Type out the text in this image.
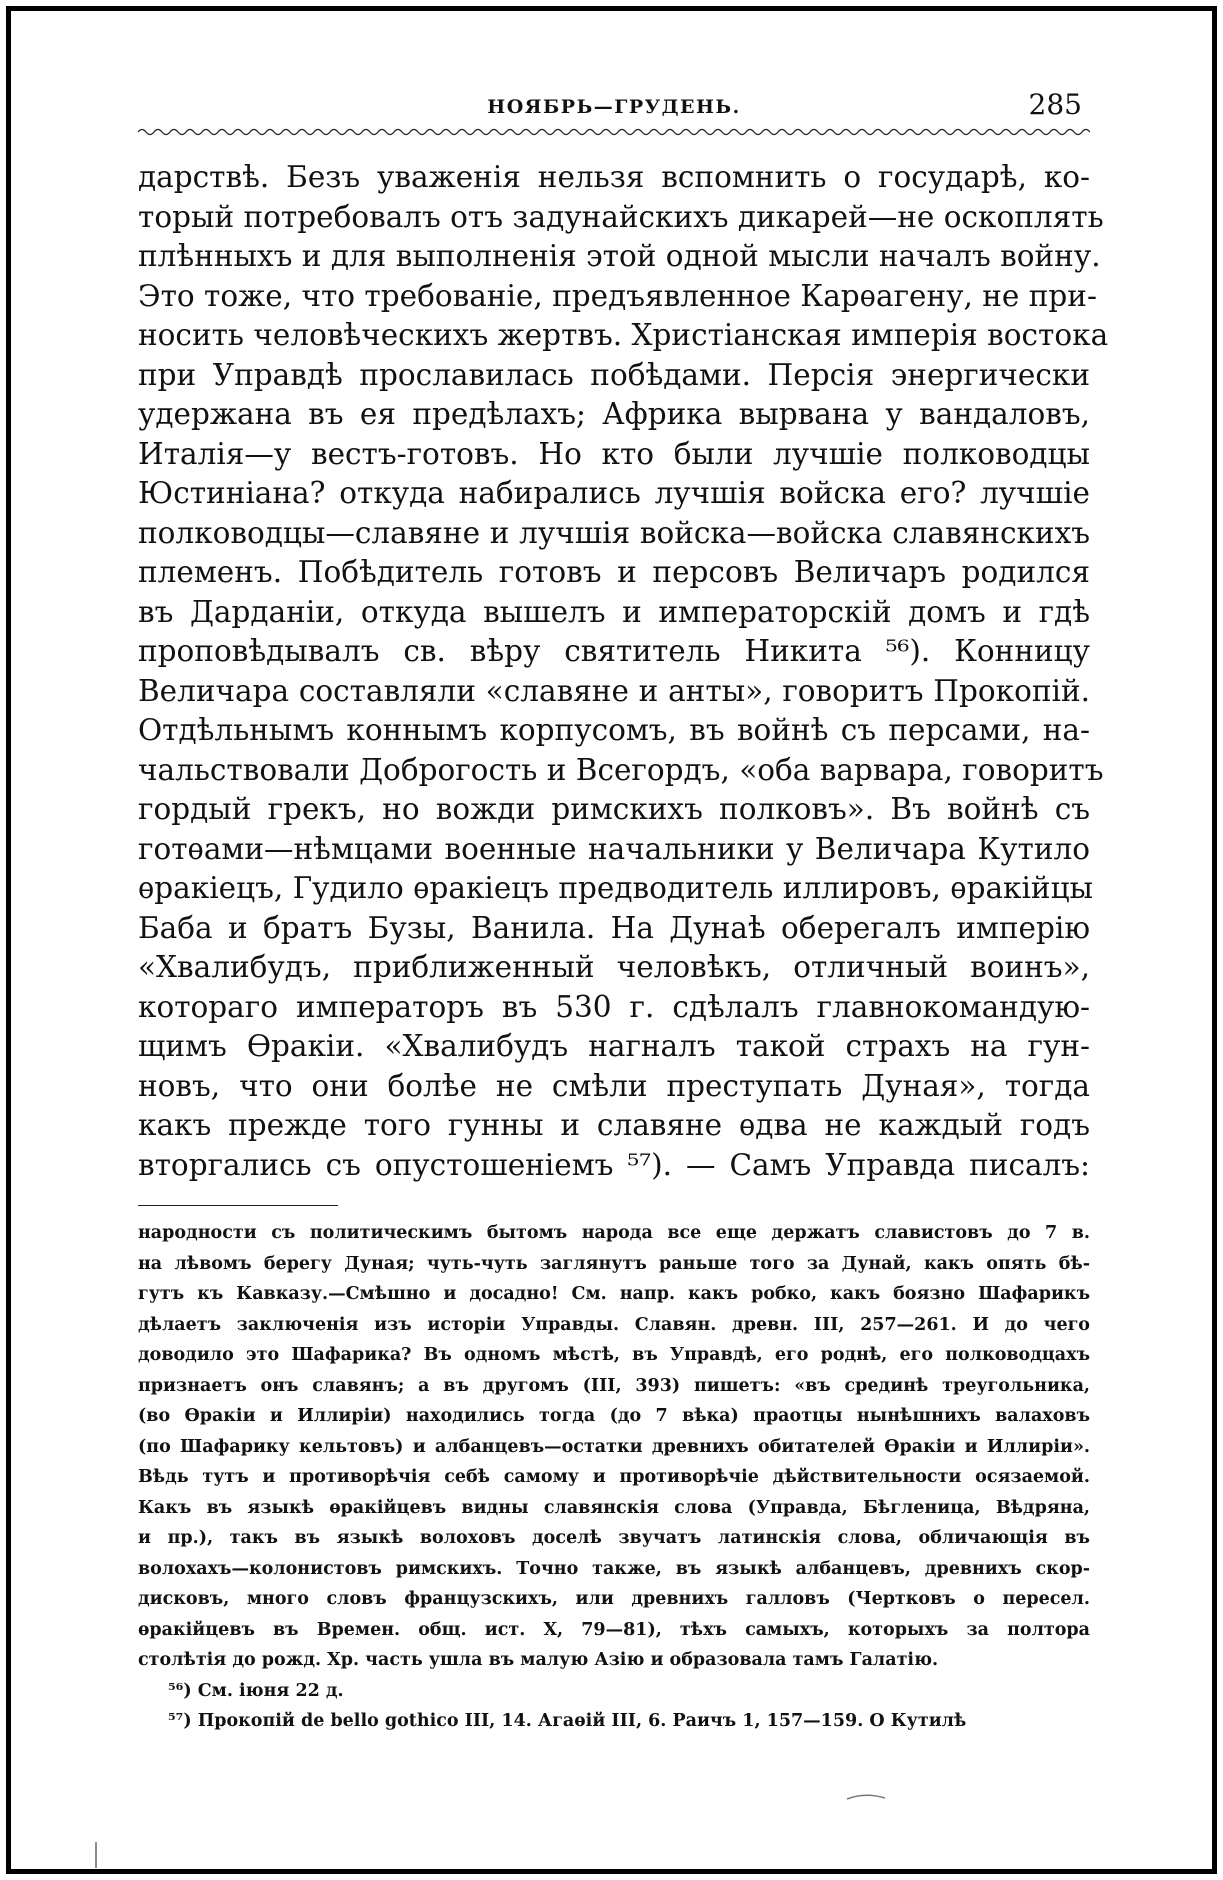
НОЯБРЬ—ГРУДЕНЬ.	285
дарствѣ. Безъ уваженія нельзя вспомнить о государѣ, ко-
торый потребовалъ отъ задунайскихъ дикарей—не оскоплять
плѣнныхъ и для выполненія этой одной мысли началъ войну.
Это тоже, что требованіе, предъявленное Карѳагену, не при-
носить человѣческихъ жертвъ. Христіанская имперія востока
при Управдѣ прославилась побѣдами. Персія энергически
удержана въ ея предѣлахъ; Африка вырвана у вандаловъ,
Италія—у вестъ-готовъ. Но кто были лучшіе полководцы
Юстиніана? откуда набирались лучшія войска его? лучшіе
полководцы—славяне и лучшія войска—войска славянскихъ
племенъ. Побѣдитель готовъ и персовъ Величаръ родился
въ Дарданіи, откуда вышелъ и императорскій домъ и гдѣ
проповѣдывалъ св. вѣру святитель Никита ⁵⁶). Конницу
Величара составляли «славяне и анты», говоритъ Прокопій.
Отдѣльнымъ коннымъ корпусомъ, въ войнѣ съ персами, на-
чальствовали Доброгость и Всегордъ, «оба варвара, говоритъ
гордый грекъ, но вожди римскихъ полковъ». Въ войнѣ съ
готѳами—нѣмцами военные начальники у Величара Кутило
ѳракіецъ, Гудило ѳракіецъ предводитель иллировъ, ѳракійцы
Баба и братъ Бузы, Ванила. На Дунаѣ оберегалъ имперію
«Хвалибудъ, приближенный человѣкъ, отличный воинъ»,
котораго императоръ въ 530 г. сдѣлалъ главнокомандую-
щимъ Ѳракіи. «Хвалибудъ нагналъ такой страхъ на гун-
новъ, что они болѣе не смѣли преступать Дуная», тогда
какъ прежде того гунны и славяне ѳдва не каждый годъ
вторгались съ опустошеніемъ ⁵⁷). — Самъ Управда писалъ:
народности съ политическимъ бытомъ народа все еще держатъ славистовъ до 7 в.
на лѣвомъ берегу Дуная; чуть-чуть заглянутъ раньше того за Дунай, какъ опять бѣ-
гутъ къ Кавказу.—Смѣшно и досадно! См. напр. какъ робко, какъ боязно Шафарикъ
дѣлаетъ заключенія изъ исторіи Управды. Славян. древн. III, 257—261. И до чего
доводило это Шафарика? Въ одномъ мѣстѣ, въ Управдѣ, его роднѣ, его полководцахъ
признаетъ онъ славянъ; а въ другомъ (III, 393) пишетъ: «въ срединѣ треугольника,
(во Ѳракіи и Иллиріи) находились тогда (до 7 вѣка) праотцы нынѣшнихъ валаховъ
(по Шафарику кельтовъ) и албанцевъ—остатки древнихъ обитателей Ѳракіи и Иллиріи».
Вѣдь тутъ и противорѣчія себѣ самому и противорѣчіе дѣйствительности осязаемой.
Какъ въ языкѣ ѳракійцевъ видны славянскія слова (Управда, Бѣгленица, Вѣдряна,
и пр.), такъ въ языкѣ волоховъ доселѣ звучатъ латинскія слова, обличающія въ
волохахъ—колонистовъ римскихъ. Точно также, въ языкѣ албанцевъ, древнихъ скор-
дисковъ, много словъ французскихъ, или древнихъ галловъ (Чертковъ о пересел.
ѳракійцевъ въ Времен. общ. ист. X, 79—81), тѣхъ самыхъ, которыхъ за полтора
столѣтія до рожд. Хр. часть ушла въ малую Азію и образовала тамъ Галатію.
⁵⁶) См. іюня 22 д.
⁵⁷) Прокопій de bello gothico III, 14. Агаѳій III, 6. Раичъ 1, 157—159. О Кутилѣ
